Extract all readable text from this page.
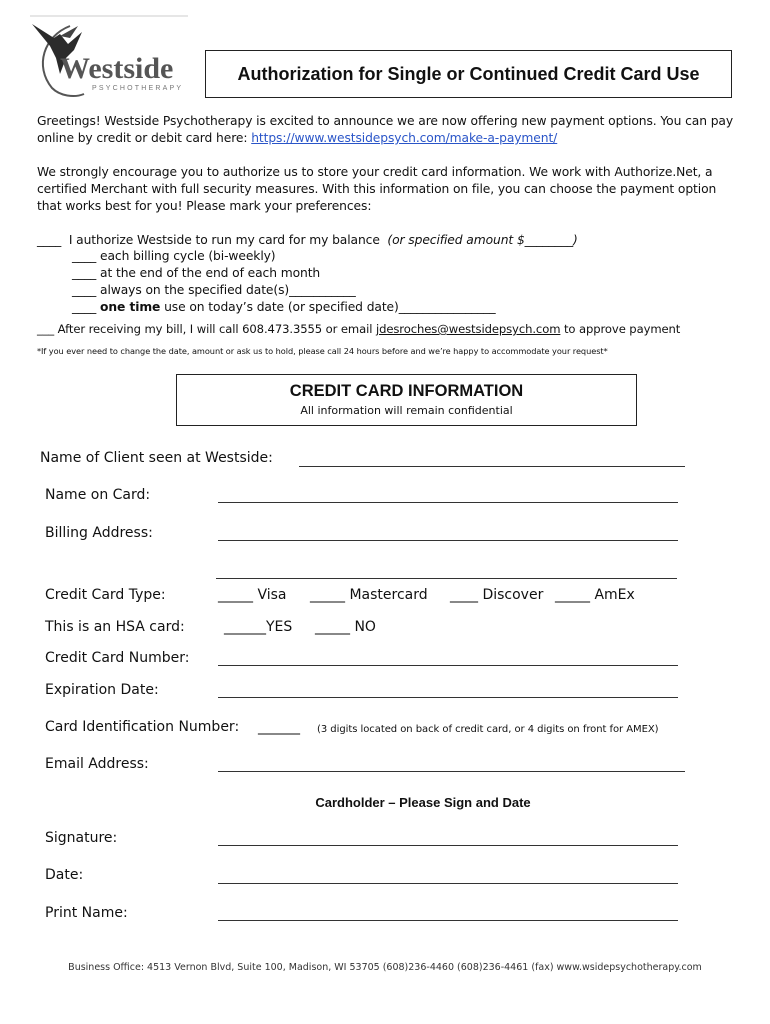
Westside
PSYCHOTHERAPY
Authorization for Single or Continued Credit Card Use
Greetings! Westside Psychotherapy is excited to announce we are now offering new payment options. You can pay online by credit or debit card here: https://www.westsidepsych.com/make-a-payment/
We strongly encourage you to authorize us to store your credit card information. We work with Authorize.Net, a certified Merchant with full security measures. With this information on file, you can choose the payment option that works best for you! Please mark your preferences:
____ I authorize Westside to run my card for my balance (or specified amount $________)
____ each billing cycle (bi-weekly)
____ at the end of the end of each month
____ always on the specified date(s)___________
____ one time use on today’s date (or specified date)________________
___ After receiving my bill, I will call 608.473.3555 or email jdesroches@westsidepsych.com to approve payment
*If you ever need to change the date, amount or ask us to hold, please call 24 hours before and we’re happy to accommodate your request*
CREDIT CARD INFORMATION
All information will remain confidential
Name of Client seen at Westside:
Name on Card:
Billing Address:
Credit Card Type:	_____ Visa _____ Mastercard ____ Discover _____ AmEx
This is an HSA card:	______YES _____ NO
Credit Card Number:
Expiration Date:
Card Identification Number: ______ (3 digits located on back of credit card, or 4 digits on front for AMEX)
Email Address:
Cardholder – Please Sign and Date
Signature:
Date:
Print Name:
Business Office: 4513 Vernon Blvd, Suite 100, Madison, WI 53705 (608)236-4460 (608)236-4461 (fax) www.wsidepsychotherapy.com
